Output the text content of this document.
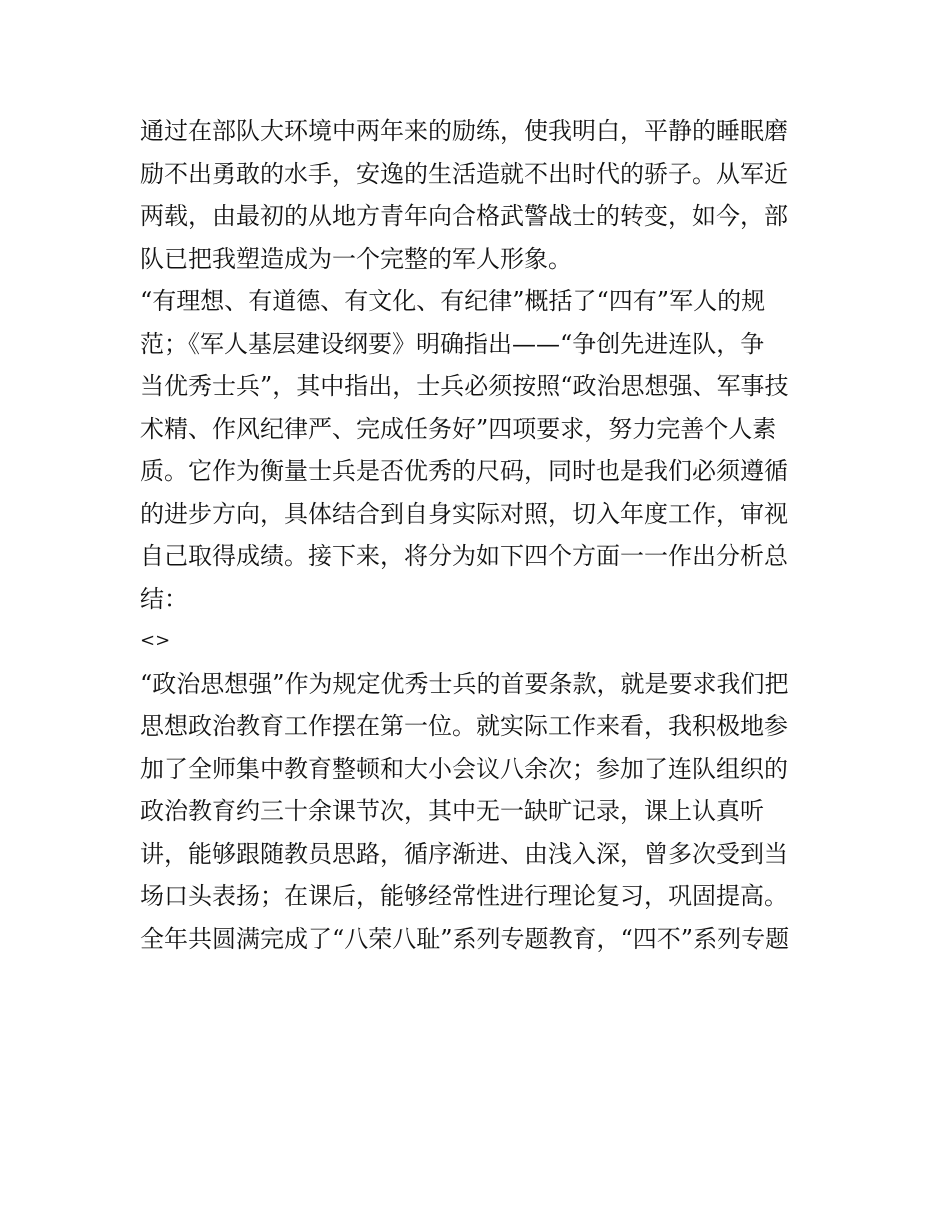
通过在部队大环境中两年来的励练，使我明白，平静的睡眠磨
励不出勇敢的水手，安逸的生活造就不出时代的骄子。从军近
两载，由最初的从地方青年向合格武警战士的转变，如今，部
队已把我塑造成为一个完整的军人形象。
“有理想、有道德、有文化、有纪律”概括了“四有”军人的规
范；《军人基层建设纲要》明确指出——“争创先进连队，争
当优秀士兵”，其中指出，士兵必须按照“政治思想强、军事技
术精、作风纪律严、完成任务好”四项要求，努力完善个人素
质。它作为衡量士兵是否优秀的尺码，同时也是我们必须遵循
的进步方向，具体结合到自身实际对照，切入年度工作，审视
自己取得成绩。接下来，将分为如下四个方面一一作出分析总
结：
<>
“政治思想强”作为规定优秀士兵的首要条款，就是要求我们把
思想政治教育工作摆在第一位。就实际工作来看，我积极地参
加了全师集中教育整顿和大小会议八余次；参加了连队组织的
政治教育约三十余课节次，其中无一缺旷记录，课上认真听
讲，能够跟随教员思路，循序渐进、由浅入深，曾多次受到当
场口头表扬；在课后，能够经常性进行理论复习，巩固提高。
全年共圆满完成了“八荣八耻”系列专题教育，“四不”系列专题
